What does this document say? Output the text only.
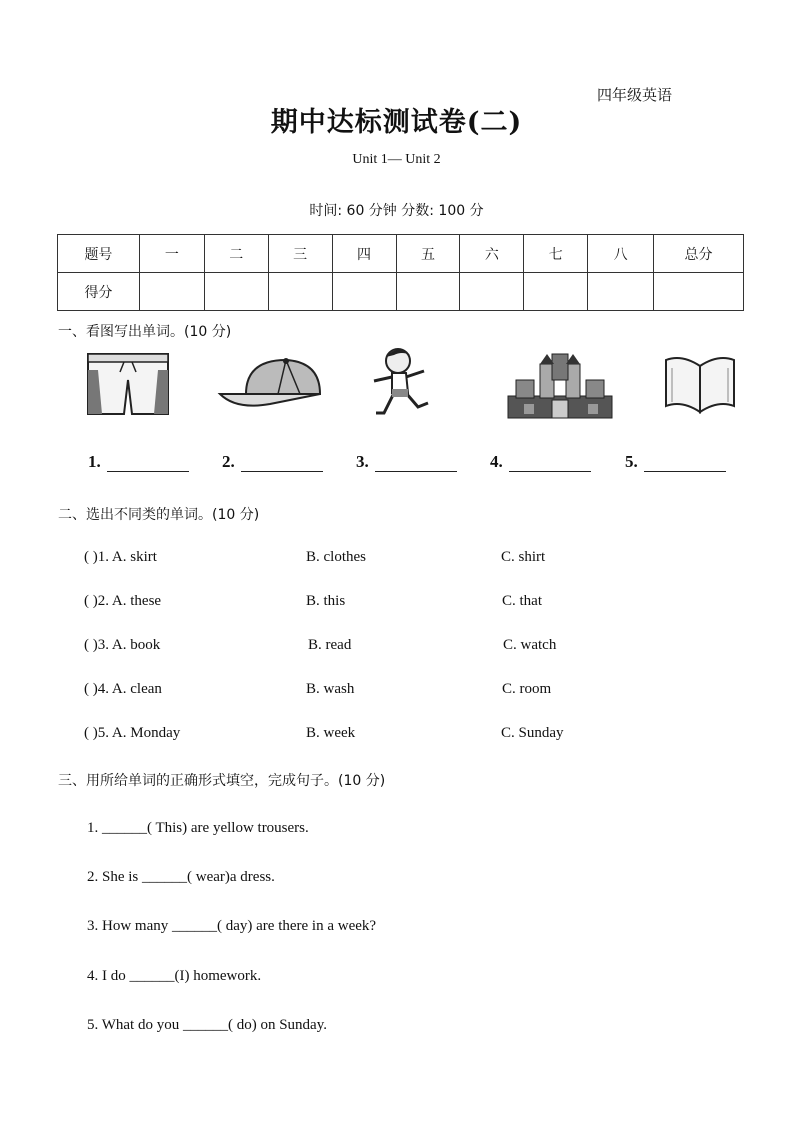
四年级英语
期中达标测试卷(二)
Unit 1— Unit 2
时间: 60 分钟 分数: 100 分
题号	一	二	三	四	五	六	七	八	总分
得分									
一、看图写出单词。(10 分)
1.	2.	3.	4.	5.
二、选出不同类的单词。(10 分)
( )1. A. skirt	B. clothes	C. shirt
( )2. A. these	B. this	C. that
( )3. A. book	B. read	C. watch
( )4. A. clean	B. wash	C. room
( )5. A. Monday	B. week	C. Sunday
三、用所给单词的正确形式填空，完成句子。(10 分)
1. ______( This) are yellow trousers.
2. She is ______( wear)a dress.
3. How many ______( day) are there in a week?
4. I do ______(I) homework.
5. What do you ______( do) on Sunday.
